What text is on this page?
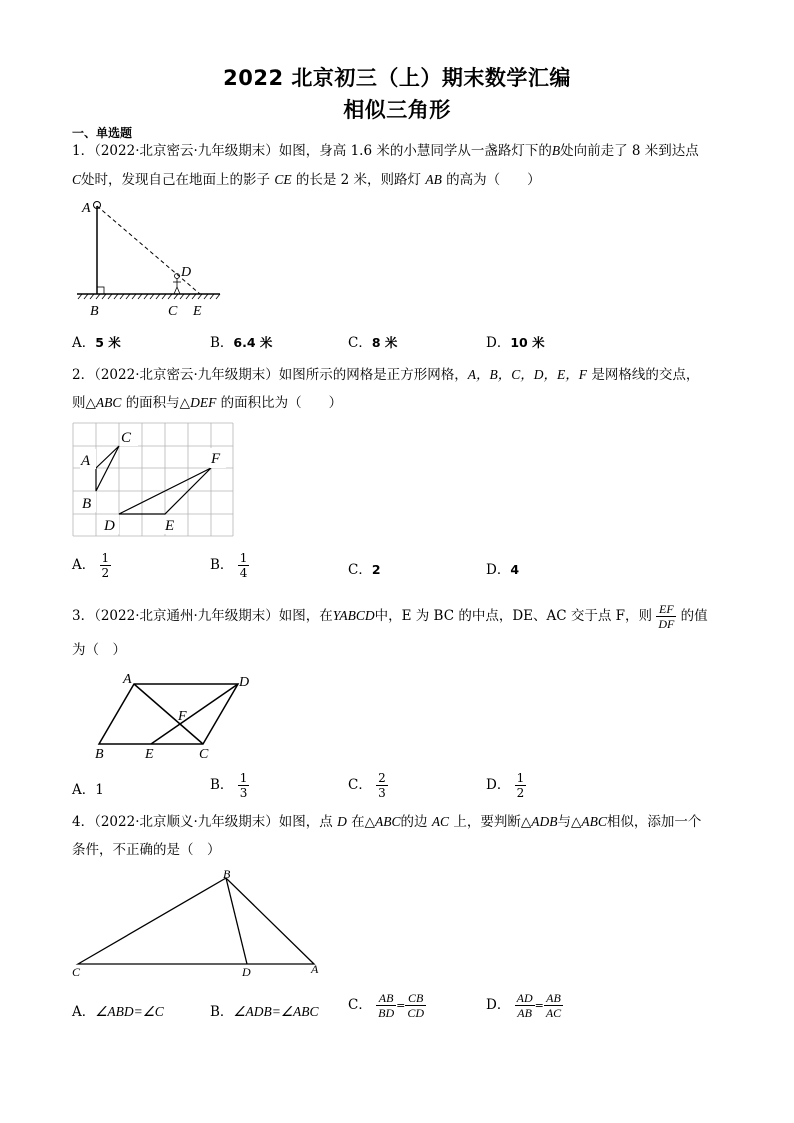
2022 北京初三（上）期末数学汇编
相似三角形
一、单选题
1．（2022·北京密云·九年级期末）如图，身高 1.6 米的小慧同学从一盏路灯下的B处向前走了 8 米到达点
C处时，发现自己在地面上的影子 CE 的长是 2 米，则路灯 AB 的高为（　　）
A
B	C
D
E
A．5 米	B．6.4 米	C．8 米	D．10 米
2．（2022·北京密云·九年级期末）如图所示的网格是正方形网格，A，B，C，D，E，F 是网格线的交点，
则△ABC 的面积与△DEF 的面积比为（　　）
A
C
B
F
D	E
A． $\frac{1}{2}$	B． $\frac{1}{4}$	C．2	D．4
3．（2022·北京通州·九年级期末）如图，在YABCD中，E 为 BC 的中点，DE、AC 交于点 F，则 $\frac{EF}{DF}$ 的值
为（　）
A	D
F
B	E	C
A．1	B． $\frac{1}{3}$	C． $\frac{2}{3}$	D． $\frac{1}{2}$
4．（2022·北京顺义·九年级期末）如图，点 D 在△ABC的边 AC 上，要判断△ADB与△ABC相似，添加一个
条件，不正确的是（　）
B
C	D	A
A．∠ABD=∠C	B．∠ADB=∠ABC C． $\frac{AB}{BD} = \frac{CB}{CD}$	D． $\frac{AD}{AB} = \frac{AB}{AC}$
